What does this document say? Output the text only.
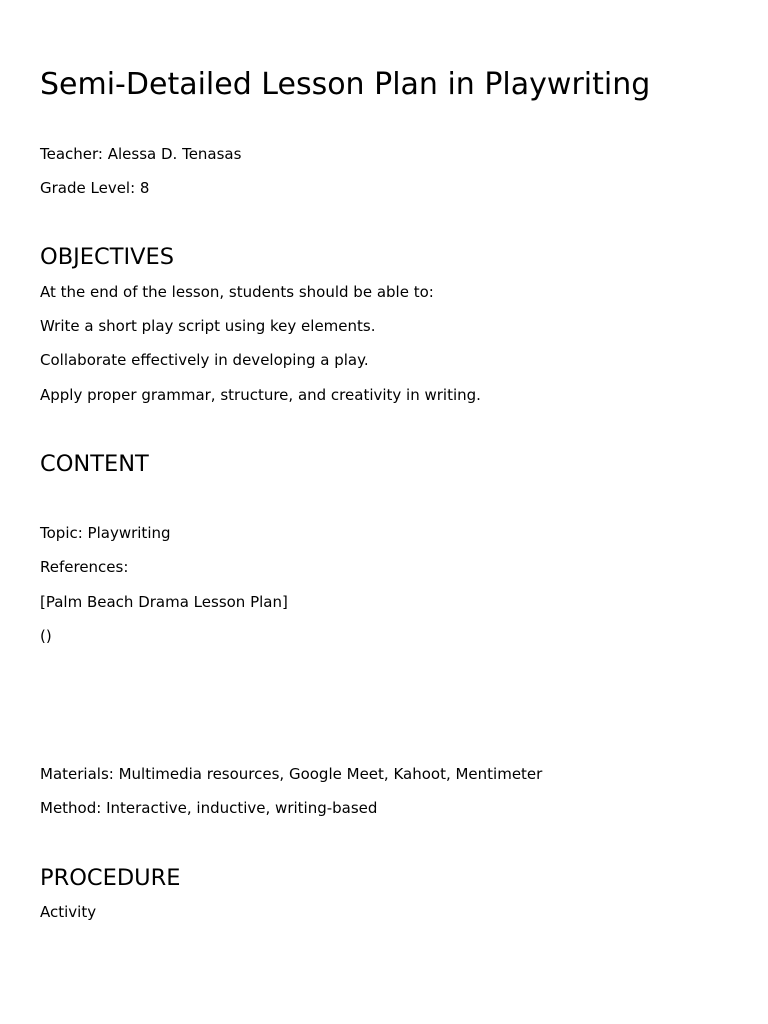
Semi-Detailed Lesson Plan in Playwriting

Teacher: Alessa D. Tenasas

Grade Level: 8

OBJECTIVES

At the end of the lesson, students should be able to:

Write a short play script using key elements.

Collaborate effectively in developing a play.

Apply proper grammar, structure, and creativity in writing.

CONTENT

Topic: Playwriting

References:

[Palm Beach Drama Lesson Plan]

()

Materials: Multimedia resources, Google Meet, Kahoot, Mentimeter

Method: Interactive, inductive, writing-based

PROCEDURE

Activity
